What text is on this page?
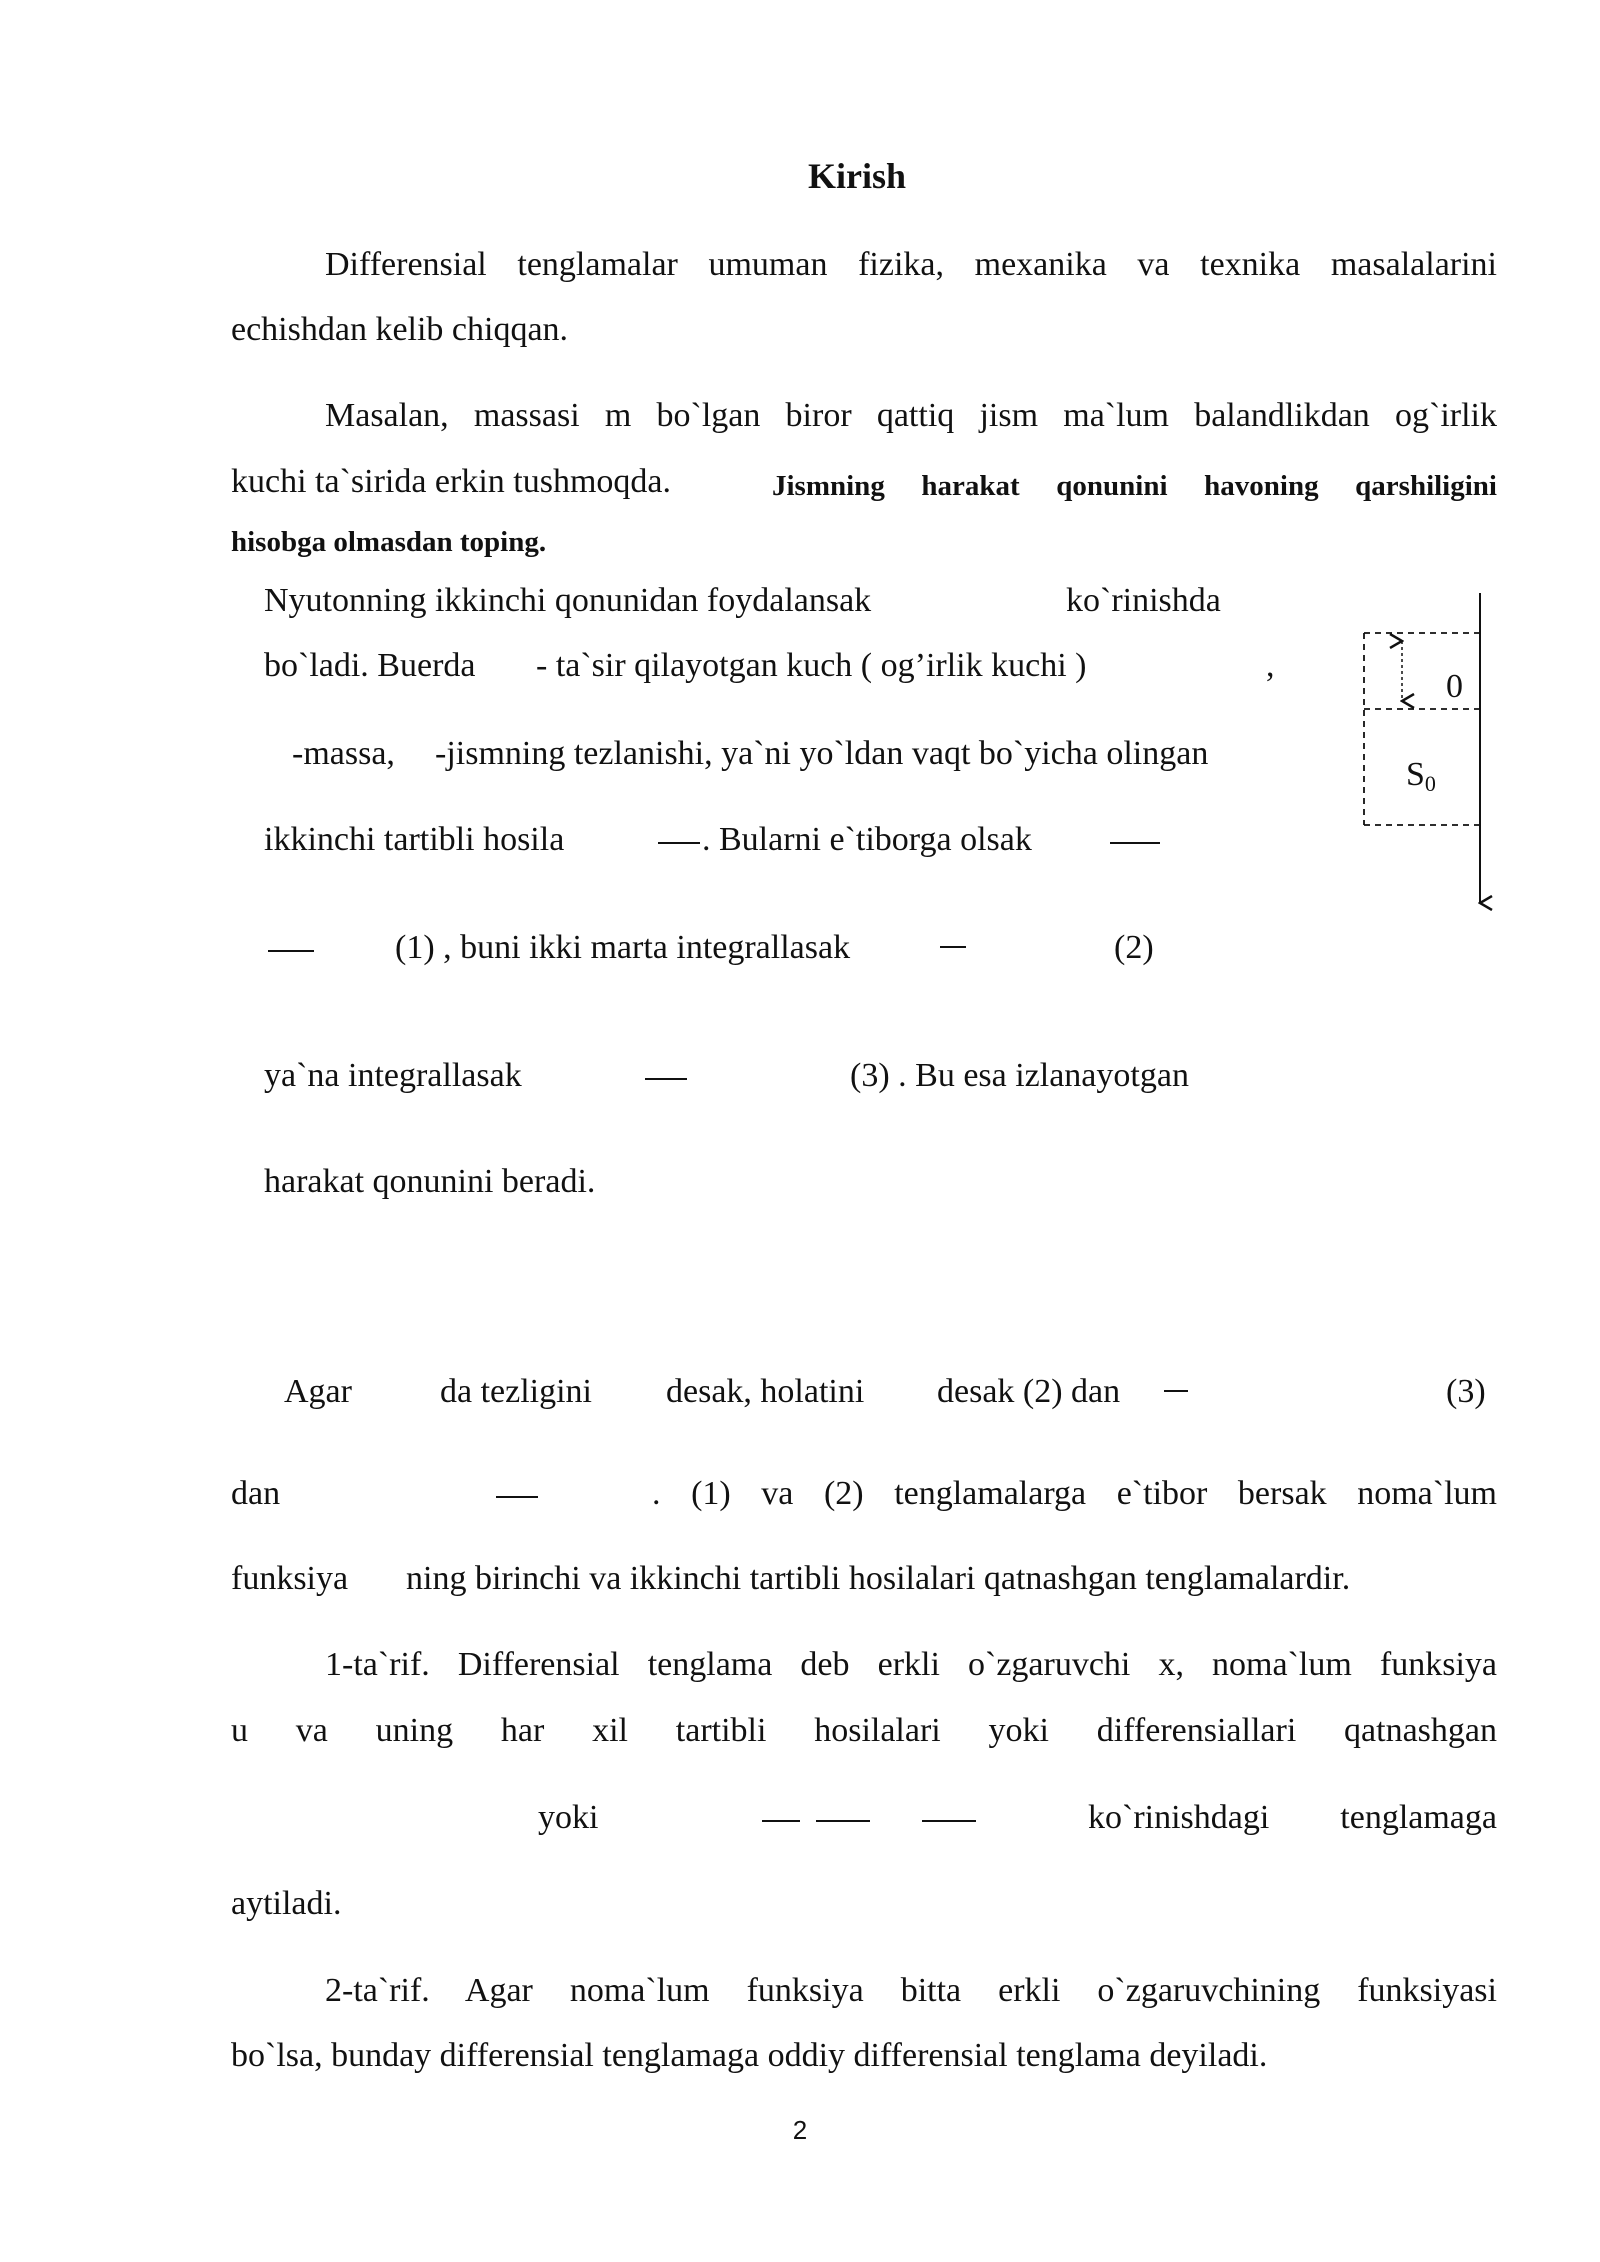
Kirish
Differensial tenglamalar umuman fizika, mexanika va texnika masalalarini
echishdan kelib chiqqan.
Masalan, massasi m bo`lgan biror qattiq jism ma`lum balandlikdan og`irlik
kuchi ta`sirida erkin tushmoqda.	Jismning harakat qonunini havoning qarshiligini
hisobga olmasdan toping.
Nyutonning ikkinchi qonunidan foydalansak	ko`rinishda
bo`ladi. Buerda - ta`sir qilayotgan kuch ( og’irlik kuchi )	,
-massa, -jismning tezlanishi, ya`ni yo`ldan vaqt bo`yicha olingan
ikkinchi tartibli hosila	. Bularni e`tiborga olsak
(1) , buni ikki marta integrallasak	(2)
ya`na integrallasak	(3) . Bu esa izlanayotgan
harakat qonunini beradi.
0
S0
Agar	da tezligini desak, holatini desak (2) dan	(3)
dan	. (1) va (2) tenglamalarga e`tibor bersak noma`lum
funksiya ning birinchi va ikkinchi tartibli hosilalari qatnashgan tenglamalardir.
1-ta`rif. Differensial tenglama deb erkli o`zgaruvchi x, noma`lum funksiya
u va uning har xil tartibli hosilalari yoki differensiallari qatnashgan
yoki	ko`rinishdagi tenglamaga
aytiladi.
2-ta`rif. Agar noma`lum funksiya bitta erkli o`zgaruvchining funksiyasi
bo`lsa, bunday differensial tenglamaga oddiy differensial tenglama deyiladi.
2
